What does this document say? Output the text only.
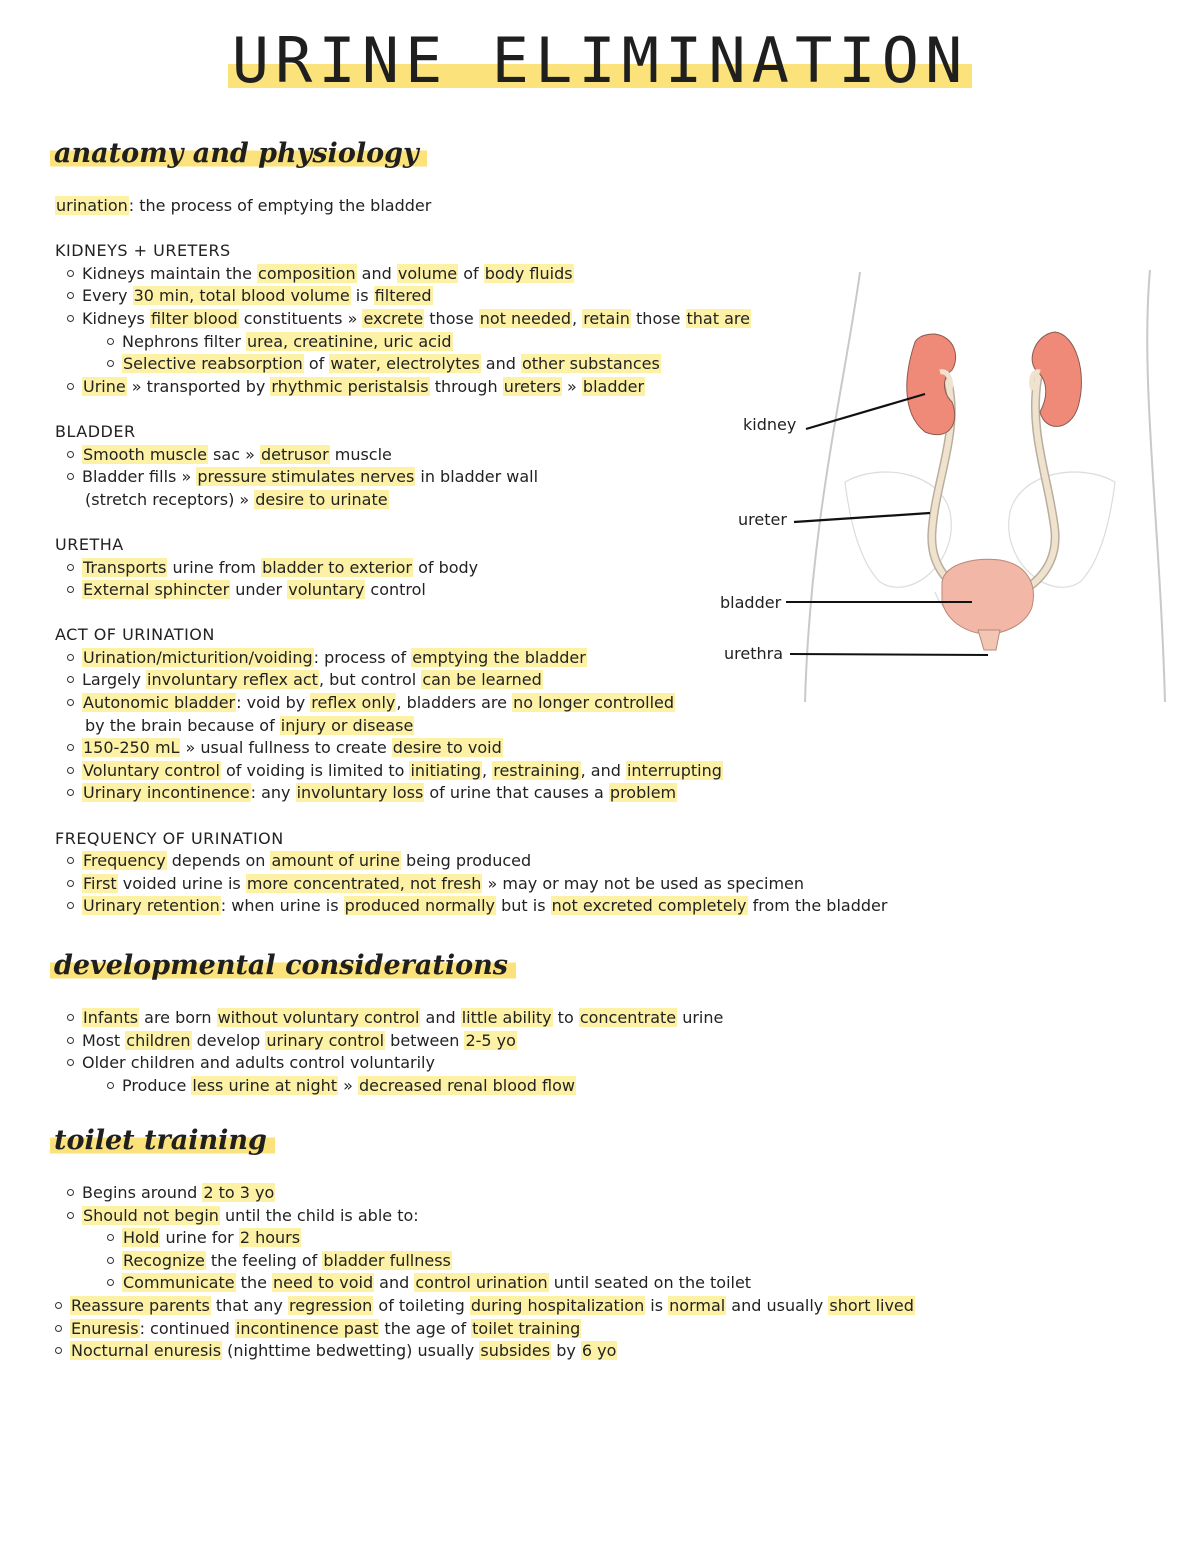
URINE ELIMINATION
anatomy and physiology
urination: the process of emptying the bladder
KIDNEYS + URETERS
Kidneys maintain the composition and volume of body fluids
Every 30 min, total blood volume is filtered
Kidneys filter blood constituents » excrete those not needed, retain those that are
Nephrons filter urea, creatinine, uric acid
Selective reabsorption of water, electrolytes and other substances
Urine » transported by rhythmic peristalsis through ureters » bladder
BLADDER
Smooth muscle sac » detrusor muscle
Bladder fills » pressure stimulates nerves in bladder wall
(stretch receptors) » desire to urinate
URETHA
Transports urine from bladder to exterior of body
External sphincter under voluntary control
ACT OF URINATION
Urination/micturition/voiding: process of emptying the bladder
Largely involuntary reflex act, but control can be learned
Autonomic bladder: void by reflex only, bladders are no longer controlled
by the brain because of injury or disease
150-250 mL » usual fullness to create desire to void
Voluntary control of voiding is limited to initiating, restraining, and interrupting
Urinary incontinence: any involuntary loss of urine that causes a problem
FREQUENCY OF URINATION
Frequency depends on amount of urine being produced
First voided urine is more concentrated, not fresh » may or may not be used as specimen
Urinary retention: when urine is produced normally but is not excreted completely from the bladder
developmental considerations
Infants are born without voluntary control and little ability to concentrate urine
Most children develop urinary control between 2-5 yo
Older children and adults control voluntarily
Produce less urine at night » decreased renal blood flow
toilet training
Begins around 2 to 3 yo
Should not begin until the child is able to:
Hold urine for 2 hours
Recognize the feeling of bladder fullness
Communicate the need to void and control urination until seated on the toilet
Reassure parents that any regression of toileting during hospitalization is normal and usually short lived
Enuresis: continued incontinence past the age of toilet training
Nocturnal enuresis (nighttime bedwetting) usually subsides by 6 yo
kidney
ureter
bladder
urethra
